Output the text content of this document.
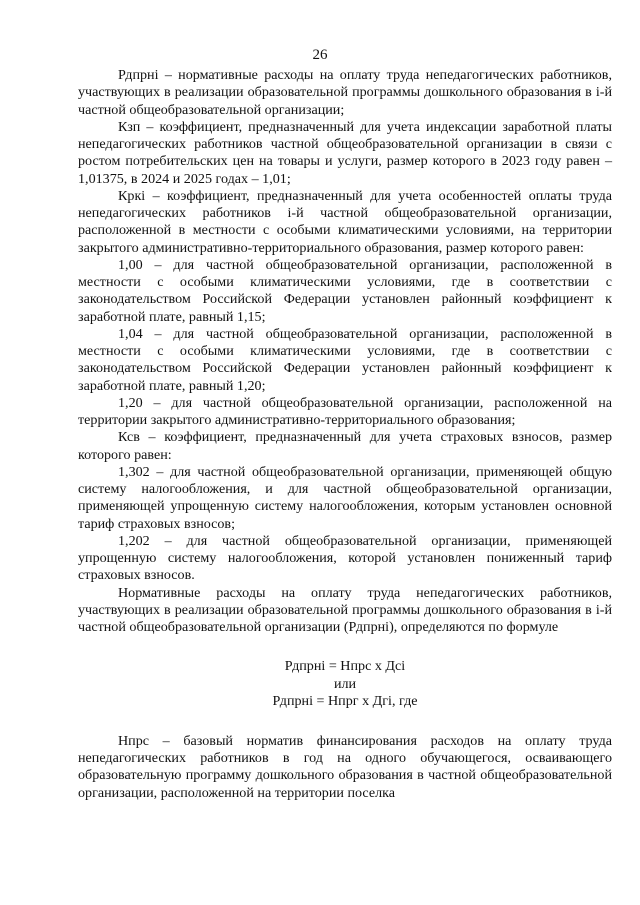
26

Рдпрнi – нормативные расходы на оплату труда непедагогических работников, участвующих в реализации образовательной программы дошкольного образования в i-й частной общеобразовательной организации;

Кзп – коэффициент, предназначенный для учета индексации заработной платы непедагогических работников частной общеобразовательной организации в связи с ростом потребительских цен на товары и услуги, размер которого в 2023 году равен – 1,01375, в 2024 и 2025 годах – 1,01;

Кркi – коэффициент, предназначенный для учета особенностей оплаты труда непедагогических работников i-й частной общеобразовательной организации, расположенной в местности с особыми климатическими условиями, на территории закрытого административно-территориального образования, размер которого равен:

1,00 – для частной общеобразовательной организации, расположенной в местности с особыми климатическими условиями, где в соответствии с законодательством Российской Федерации установлен районный коэффициент к заработной плате, равный 1,15;

1,04 – для частной общеобразовательной организации, расположенной в местности с особыми климатическими условиями, где в соответствии с законодательством Российской Федерации установлен районный коэффициент к заработной плате, равный 1,20;

1,20 – для частной общеобразовательной организации, расположенной на территории закрытого административно-территориального образования;

Ксв – коэффициент, предназначенный для учета страховых взносов, размер которого равен:

1,302 – для частной общеобразовательной организации, применяющей общую систему налогообложения, и для частной общеобразовательной организации, применяющей упрощенную систему налогообложения, которым установлен основной тариф страховых взносов;

1,202 – для частной общеобразовательной организации, применяющей упрощенную систему налогообложения, которой установлен пониженный тариф страховых взносов.

Нормативные расходы на оплату труда непедагогических работников, участвующих в реализации образовательной программы дошкольного образования в i-й частной общеобразовательной организации (Рдпрнi), определяются по формуле

Рдпрнi = Нпрс х Дсi
или
Рдпрнi = Нпрг х Дгi, где

Нпрс – базовый норматив финансирования расходов на оплату труда непедагогических работников в год на одного обучающегося, осваивающего образовательную программу дошкольного образования в частной общеобразовательной организации, расположенной на территории поселка
